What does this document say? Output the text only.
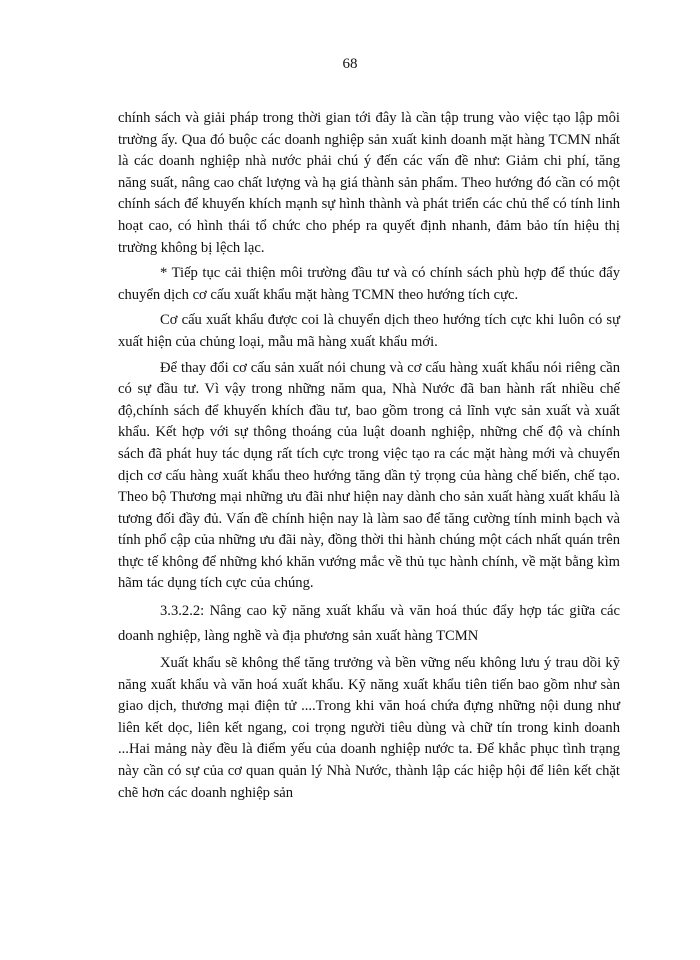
68

chính sách và giải pháp trong thời gian tới đây là cần tập trung vào việc tạo lập môi trường ấy. Qua đó buộc các doanh nghiệp sản xuất kinh doanh mặt hàng TCMN nhất là các doanh nghiệp nhà nước phải chú ý đến các vấn đề như: Giảm chi phí, tăng năng suất, nâng cao chất lượng và hạ giá thành sản phẩm. Theo hướng đó cần có một chính sách để khuyến khích mạnh sự hình thành và phát triển các chủ thể có tính linh hoạt cao, có hình thái tổ chức cho phép ra quyết định nhanh, đảm bảo tín hiệu thị trường không bị lệch lạc.

* Tiếp tục cải thiện môi trường đầu tư và có chính sách phù hợp để thúc đẩy chuyển dịch cơ cấu xuất khẩu mặt hàng TCMN theo hướng tích cực.

Cơ cấu xuất khẩu được coi là chuyển dịch theo hướng tích cực khi luôn có sự xuất hiện của chủng loại, mẫu mã hàng xuất khẩu mới.

Để thay đổi cơ cấu sản xuất nói chung và cơ cấu hàng xuất khẩu nói riêng cần có sự đầu tư. Vì vậy trong những năm qua, Nhà Nước đã ban hành rất nhiều chế độ,chính sách để khuyến khích đầu tư, bao gồm trong cả lĩnh vực sản xuất và xuất khẩu. Kết hợp với sự thông thoáng của luật doanh nghiệp, những chế độ và chính sách đã phát huy tác dụng rất tích cực trong việc tạo ra các mặt hàng mới và chuyển dịch cơ cấu hàng xuất khẩu theo hướng tăng dần tỷ trọng của hàng chế biến, chế tạo. Theo bộ Thương mại những ưu đãi như hiện nay dành cho sản xuất hàng xuất khẩu là tương đối đầy đủ. Vấn đề chính hiện nay là làm sao để tăng cường tính minh bạch và tính phổ cập của những ưu đãi này, đồng thời thi hành chúng một cách nhất quán trên thực tế không để những khó khăn vướng mắc về thủ tục hành chính, về mặt bằng kìm hãm tác dụng tích cực của chúng.

3.3.2.2: Nâng cao kỹ năng xuất khẩu và văn hoá thúc đẩy hợp tác giữa các doanh nghiệp, làng nghề và địa phương sản xuất hàng TCMN

Xuất khẩu sẽ không thể tăng trưởng và bền vững nếu không lưu ý trau dồi kỹ năng xuất khẩu và văn hoá xuất khẩu. Kỹ năng xuất khẩu tiên tiến bao gồm như sàn giao dịch, thương mại điện tử ....Trong khi văn hoá chứa đựng những nội dung như liên kết dọc, liên kết ngang, coi trọng người tiêu dùng và chữ tín trong kinh doanh ...Hai mảng này đều là điểm yếu của doanh nghiệp nước ta. Để khắc phục tình trạng này cần có sự của cơ quan quản lý Nhà Nước, thành lập các hiệp hội để liên kết chặt chẽ hơn các doanh nghiệp sản
